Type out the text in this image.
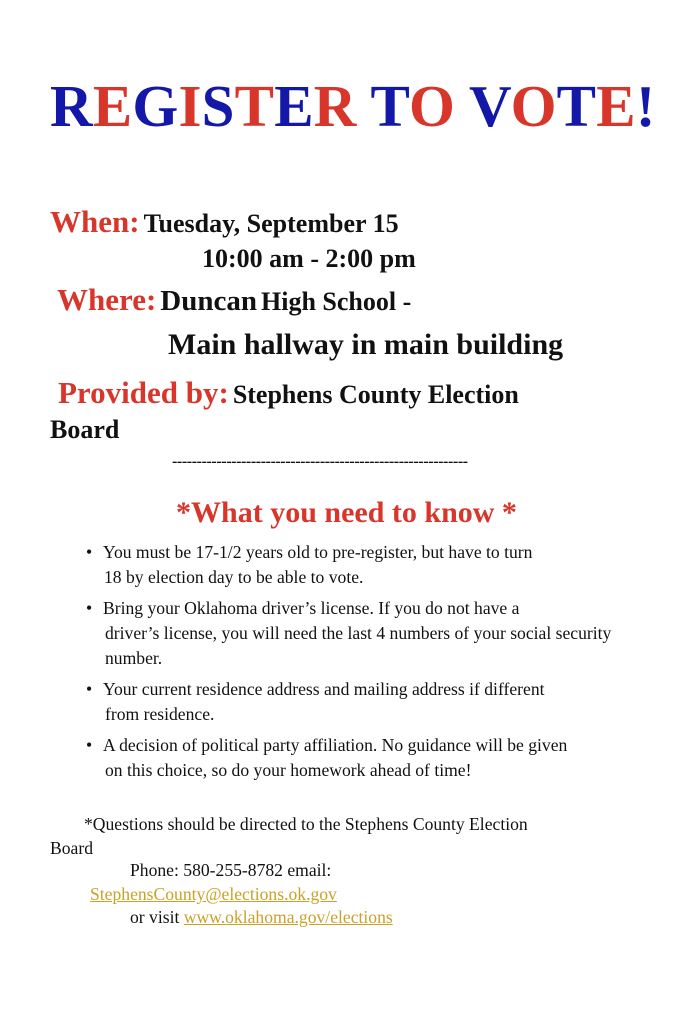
REGISTER TO VOTE!
When: Tuesday, September 15
10:00 am - 2:00 pm
Where: Duncan High School -
Main hallway in main building
Provided by: Stephens County Election
Board
------------------------------------------------------------
*What you need to know *
• You must be 17-1/2 years old to pre-register, but have to turn
18 by election day to be able to vote.
• Bring your Oklahoma driver’s license. If you do not have a
driver’s license, you will need the last 4 numbers of your social security number.
• Your current residence address and mailing address if different
from residence.
• A decision of political party affiliation. No guidance will be given
on this choice, so do your homework ahead of time!
*Questions should be directed to the Stephens County Election
Board
Phone: 580-255-8782 email:
StephensCounty@elections.ok.gov
or visit www.oklahoma.gov/elections
